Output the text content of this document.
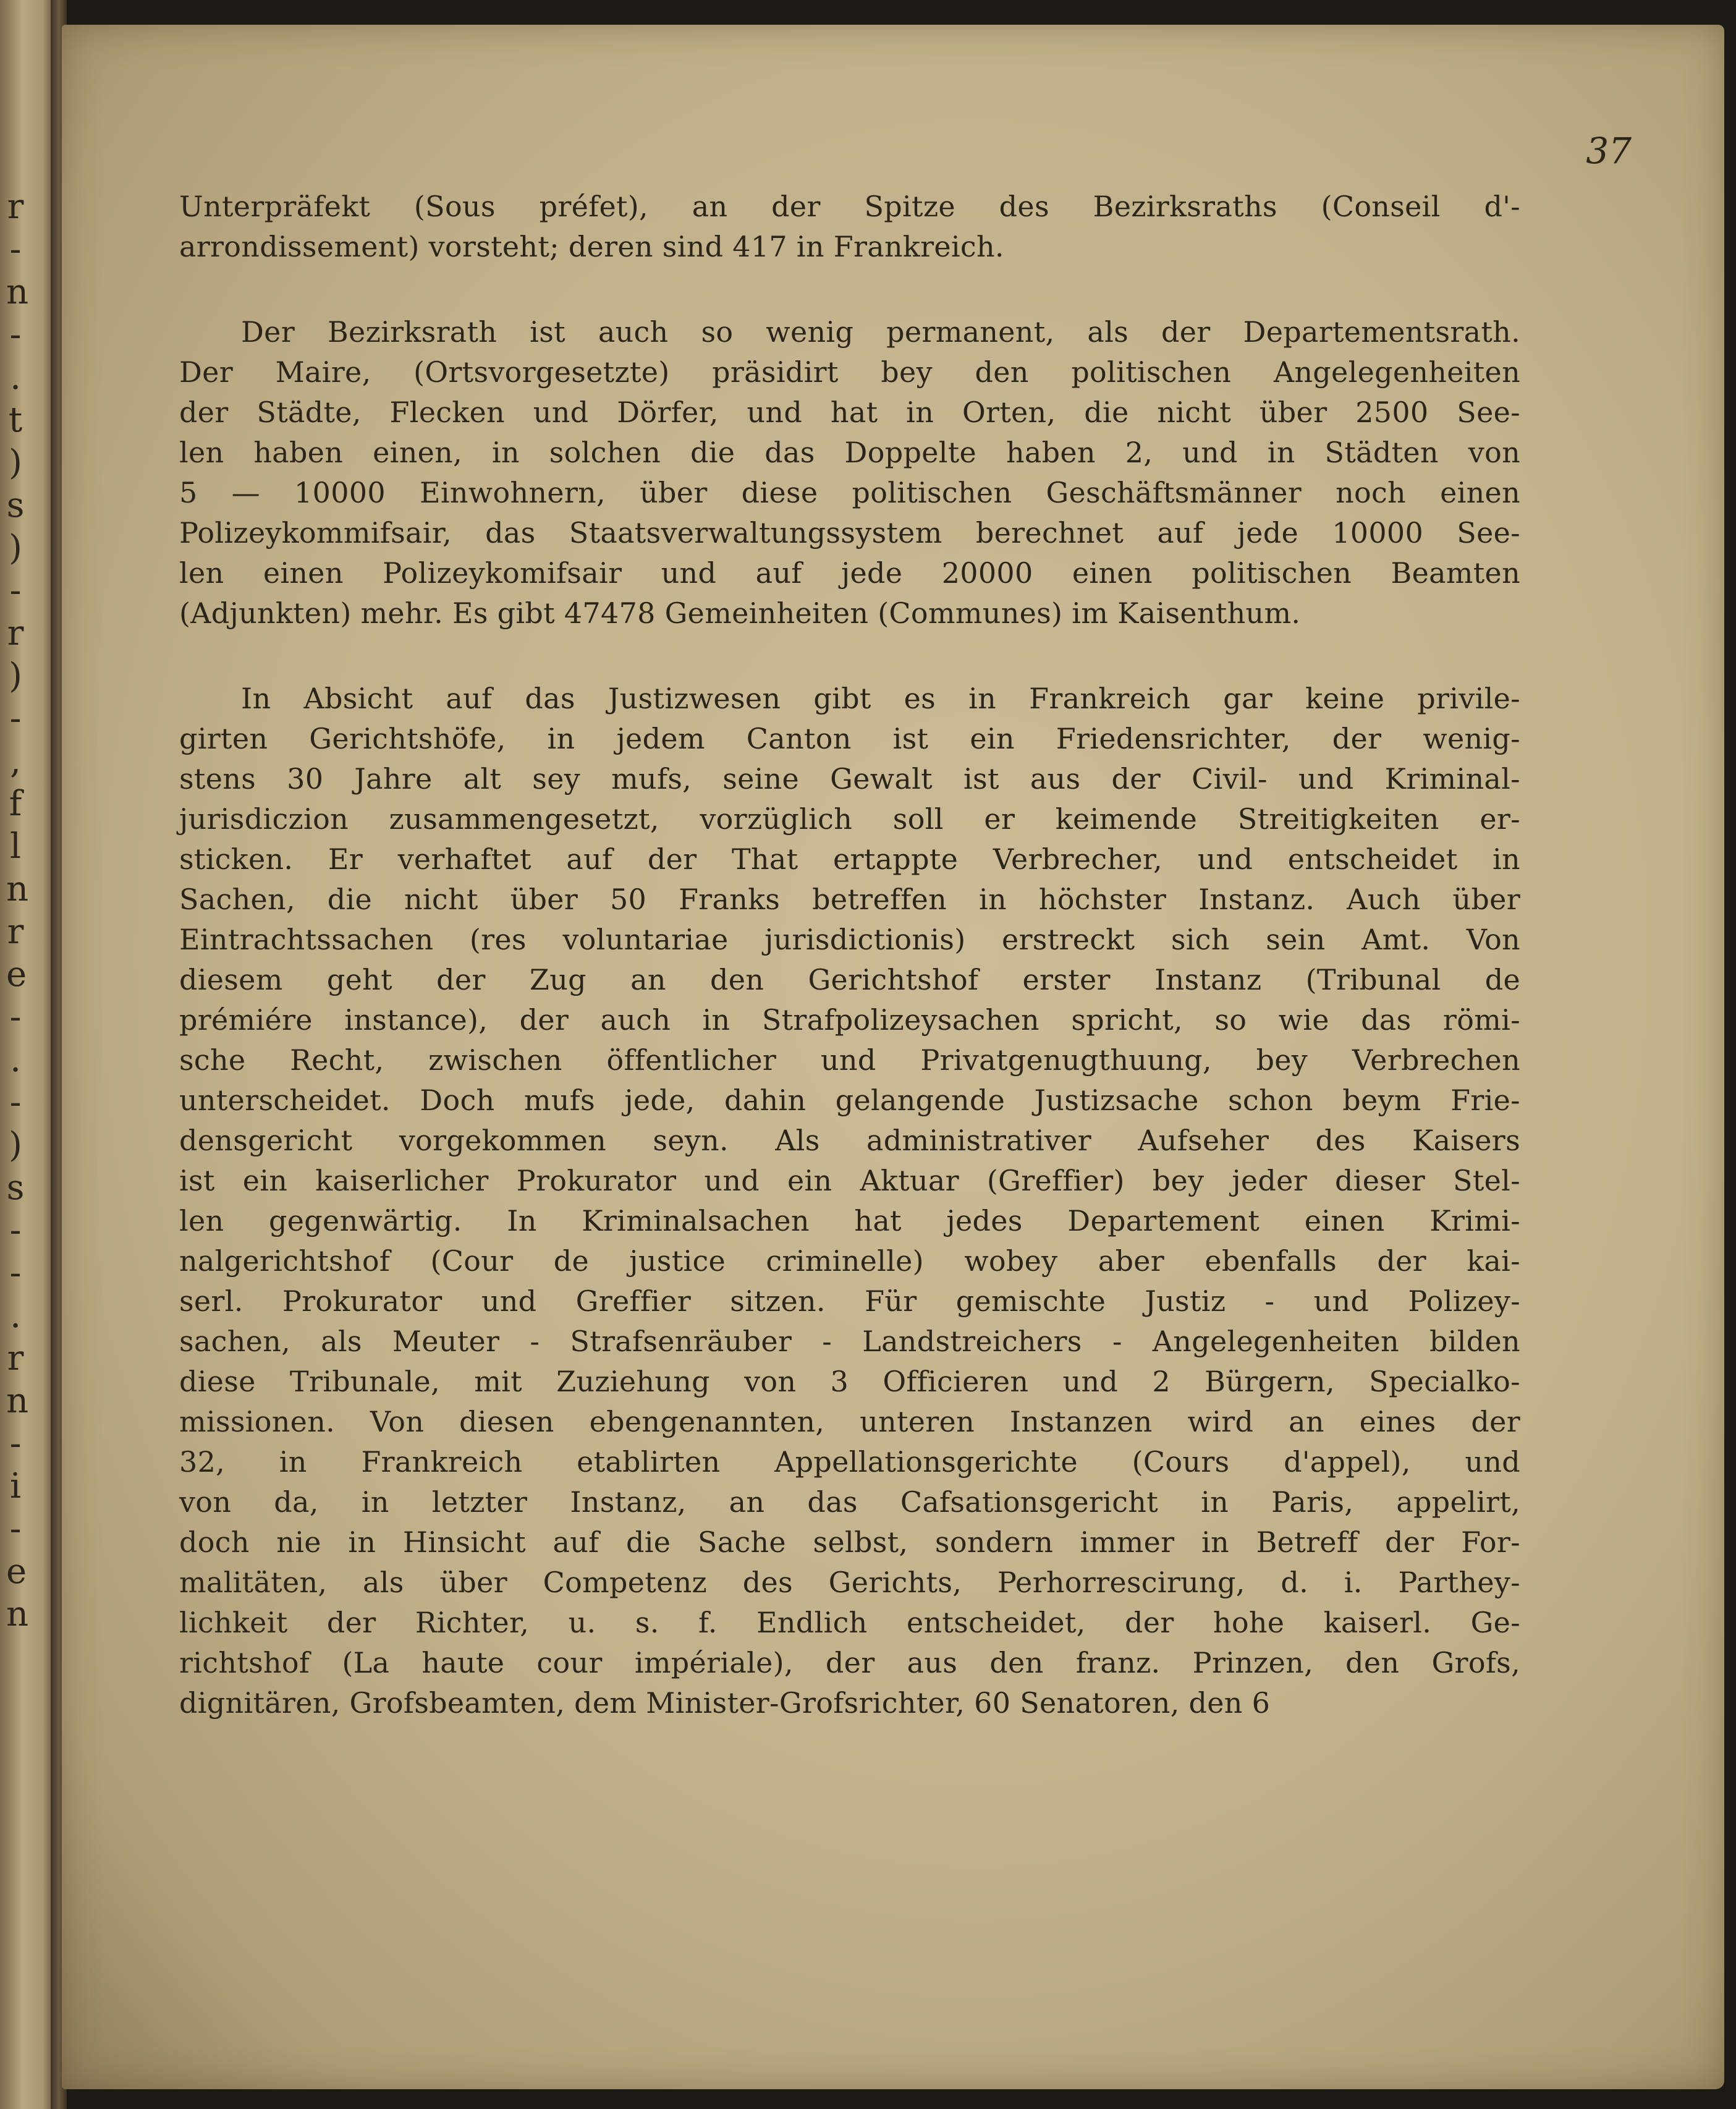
r
-
n
-
.
t
)
s
)
-
r
)
-
,
f
l
n
r
e
-
.
-
)
s
-
-
.
r
n
-
i
-
e
n
37
Unterpräfekt (Sous préfet), an der Spitze des Bezirksraths (Conseil d'-
arrondissement) vorsteht; deren sind 417 in Frankreich.
Der Bezirksrath ist auch so wenig permanent, als der Departementsrath.
Der Maire, (Ortsvorgesetzte) präsidirt bey den politischen Angelegenheiten
der Städte, Flecken und Dörfer, und hat in Orten, die nicht über 2500 See-
len haben einen, in solchen die das Doppelte haben 2, und in Städten von
5 — 10000 Einwohnern, über diese politischen Geschäftsmänner noch einen
Polizeykommifsair, das Staatsverwaltungssystem berechnet auf jede 10000 See-
len einen Polizeykomifsair und auf jede 20000 einen politischen Beamten
(Adjunkten) mehr. Es gibt 47478 Gemeinheiten (Communes) im Kaisenthum.
In Absicht auf das Justizwesen gibt es in Frankreich gar keine privile-
girten Gerichtshöfe, in jedem Canton ist ein Friedensrichter, der wenig-
stens 30 Jahre alt sey mufs, seine Gewalt ist aus der Civil- und Kriminal-
jurisdiczion zusammengesetzt, vorzüglich soll er keimende Streitigkeiten er-
sticken. Er verhaftet auf der That ertappte Verbrecher, und entscheidet in
Sachen, die nicht über 50 Franks betreffen in höchster Instanz. Auch über
Eintrachtssachen (res voluntariae jurisdictionis) erstreckt sich sein Amt. Von
diesem geht der Zug an den Gerichtshof erster Instanz (Tribunal de
prémiére instance), der auch in Strafpolizeysachen spricht, so wie das römi-
sche Recht, zwischen öffentlicher und Privatgenugthuung, bey Verbrechen
unterscheidet. Doch mufs jede, dahin gelangende Justizsache schon beym Frie-
densgericht vorgekommen seyn. Als administrativer Aufseher des Kaisers
ist ein kaiserlicher Prokurator und ein Aktuar (Greffier) bey jeder dieser Stel-
len gegenwärtig. In Kriminalsachen hat jedes Departement einen Krimi-
nalgerichtshof (Cour de justice criminelle) wobey aber ebenfalls der kai-
serl. Prokurator und Greffier sitzen. Für gemischte Justiz - und Polizey-
sachen, als Meuter - Strafsenräuber - Landstreichers - Angelegenheiten bilden
diese Tribunale, mit Zuziehung von 3 Officieren und 2 Bürgern, Specialko-
missionen. Von diesen ebengenannten, unteren Instanzen wird an eines der
32, in Frankreich etablirten Appellationsgerichte (Cours d'appel), und
von da, in letzter Instanz, an das Cafsationsgericht in Paris, appelirt,
doch nie in Hinsicht auf die Sache selbst, sondern immer in Betreff der For-
malitäten, als über Competenz des Gerichts, Perhorrescirung, d. i. Parthey-
lichkeit der Richter, u. s. f. Endlich entscheidet, der hohe kaiserl. Ge-
richtshof (La haute cour impériale), der aus den franz. Prinzen, den Grofs,
dignitären, Grofsbeamten, dem Minister-Grofsrichter, 60 Senatoren, den 6
